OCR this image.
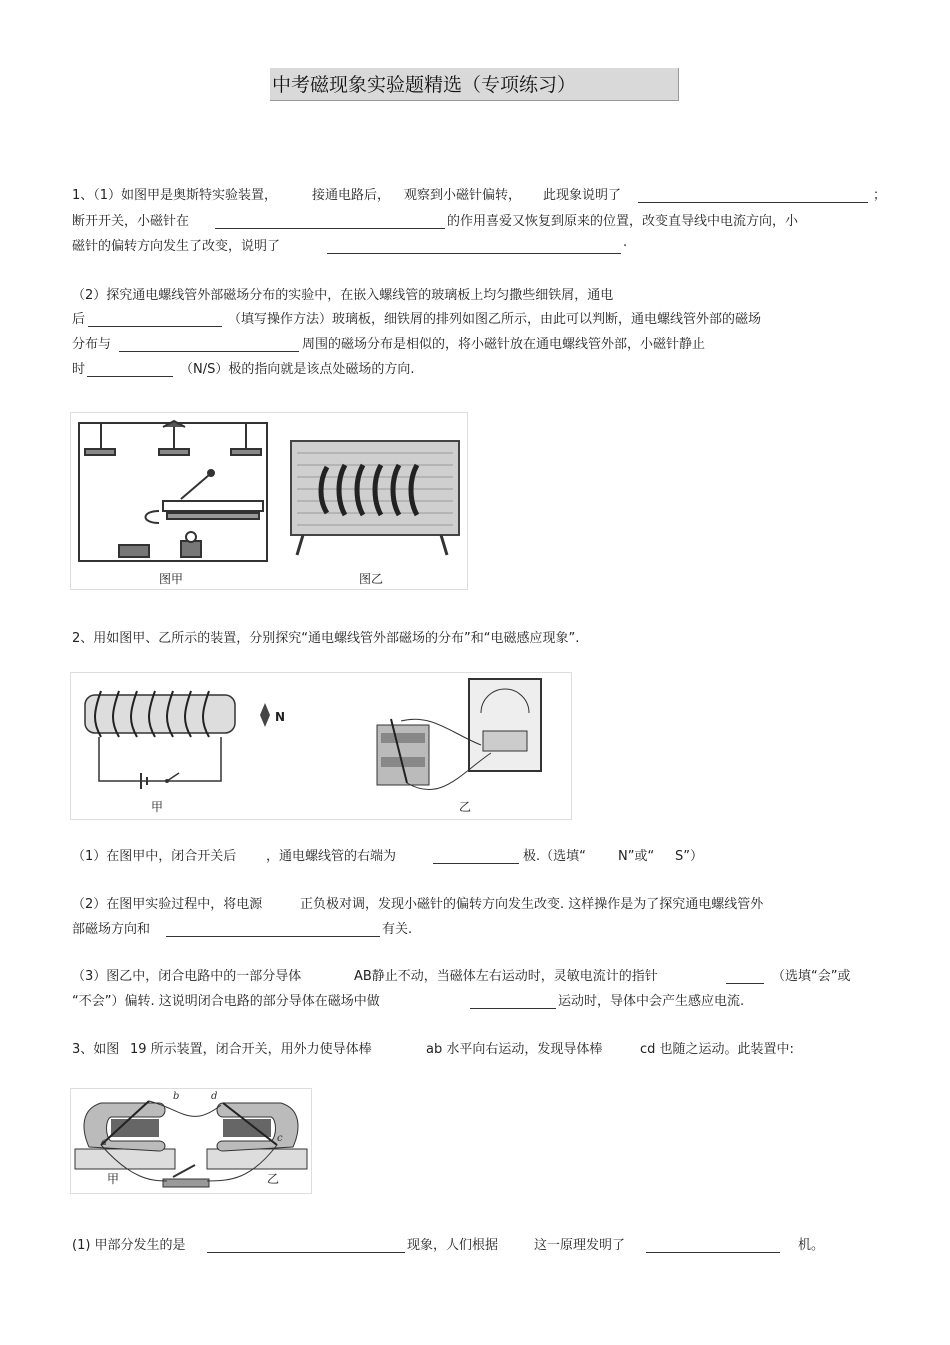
中考磁现象实验题精选（专项练习）
1、（1）如图甲是奥斯特实验装置，	接通电路后， 观察到小磁针偏转， 此现象说明了	；
断开开关，小磁针在	的作用喜爱又恢复到原来的位置，改变直导线中电流方向，小
磁针的偏转方向发生了改变，说明了	.
（2）探究通电螺线管外部磁场分布的实验中，在嵌入螺线管的玻璃板上均匀撒些细铁屑，通电
后	（填写操作方法）玻璃板，细铁屑的排列如图乙所示，由此可以判断，通电螺线管外部的磁场
分布与	周围的磁场分布是相似的，将小磁针放在通电螺线管外部，小磁针静止
时	（N/S）极的指向就是该点处磁场的方向.
图甲	图乙
2、用如图甲、乙所示的装置，分别探究“通电螺线管外部磁场的分布”和“电磁感应现象”.
N
甲	乙
（1）在图甲中，闭合开关后 ，通电螺线管的右端为	极.（选填“ N”或“ S”）
（2）在图甲实验过程中，将电源	正负极对调，发现小磁针的偏转方向发生改变. 这样操作是为了探究通电螺线管外
部磁场方向和	有关.
（3）图乙中，闭合电路中的一部分导体	AB静止不动，当磁体左右运动时，灵敏电流计的指针	（选填“会”或
“不会”）偏转. 这说明闭合电路的部分导体在磁场中做	运动时，导体中会产生感应电流.
3、如图 19 所示装置，闭合开关，用外力使导体棒	ab 水平向右运动，发现导体棒	cd 也随之运动。此装置中:
b	d
a	c
甲	乙
(1) 甲部分发生的是	现象，人们根据	这一原理发明了	机。
